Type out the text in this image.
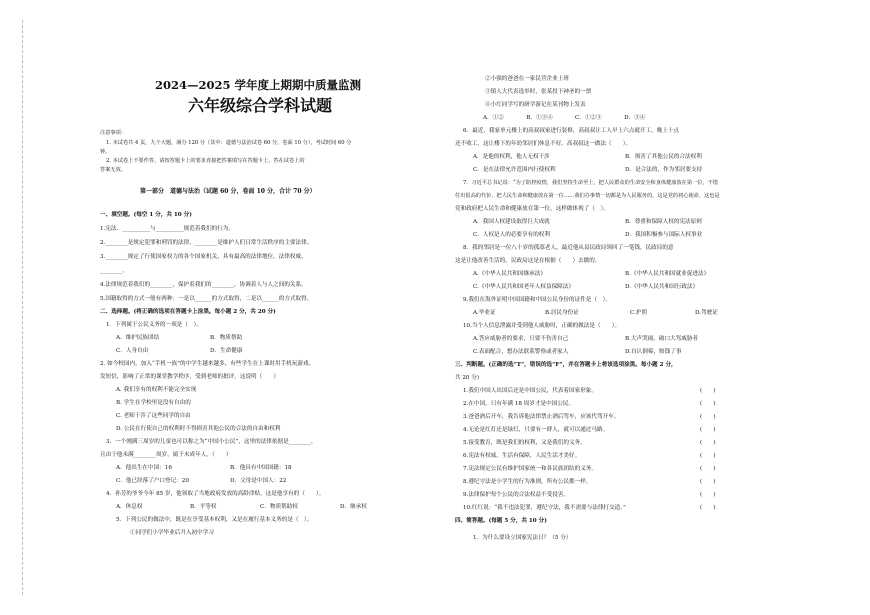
2024—2025 学年度上期期中质量监测
六年级综合学科试题
注意事项：
1. 本试卷共 4 页，九个大题，满分 120 分（其中：道德与法治试卷 60 分，卷面 10 分），考试时间 60 分
钟。
2. 本试卷上不要作答，请按答题卡上的要求直接把答案填写在答题卡上，答在试卷上的
答案无效。
第一部分　道德与法治（试题 60 分，卷面 10 分，合计 70 分）
一、填空题。(每空 1 分，共 10 分)
1.宪法、__________与__________规范着我们的行为。
2.________是规定犯罪和刑罚的法律，________是维护人们日常生活秩序的主要法律。
3.________规定了行使国家权力的各个国家机关，具有最高的法律地位，法律权威，
________。
4.法律规范着我们的________，保护着我们的________，协调着人与人之间的关系。
5.国籍取得的方式一般有两种：一是以______的方式取得，二是以______的方式取得。
二、选择题。(将正确的选项在答题卡上涂黑。每小题 2 分，共 20 分)
1．下列属于公民义务的一项是（　）。
A．维护民族团结	B．物质帮助
C．人身自由	D．生命健康
2. 如今校园内，加入“手机一族”的中学生越来越多，有些学生在上课时用手机玩游戏、
发短信，影响了正常的课堂教学秩序，受到老师的批评。这说明（　　）
A. 我们享有的权利不能完全实现
B. 学生在学校里是没有自由的
C. 老师干涉了这些同学的自由
D. 公民在行使自己的权利时不得损害其他公民的合法的自由和权利
3．一个刚满三周岁的儿童也可以称之为“中国小公民”，这里的法律依据是________，
且由于他未满________周岁，属于未成年人。（　　）
A．他出生在中国：16	B．他具有中国国籍：18
C．他已经落了户口登记：20	D．父母是中国人：22
4．孙芳的爷爷今年 85 岁，他领取了当地政府发放的高龄津贴，这是他享有的（　　）。
A．休息权	B．平等权	C．物质帮助权	D．继承权
5．下列公民的做法中，既是在享受基本权利，又是在履行基本义务的是（　）。
①同学们小学毕业后升入初中学习
②小强的爸爸在一家民营企业上班
③镇人大代表选举时，张某投下神圣的一票
④小红同学写的研学游记在某刊物上发表
A．①②　　　　B．①③④　　　　C．①②③　　　　D．③④
6．最近，我家单元楼上的高叔叔家进行装修，高叔叔让工人早上六点就开工，晚上十点
还不收工，这让楼下的年幼邻居们休息不好。高叔叔这一做法（　　）。
A．是他的权利，他人无权干涉	B．损害了其他公民的合法权利
C．是在法律允许范围内行使权利	D．是合法的，作为邻居要支持
7．习近平总书记说：“为了防控疫情，我们坚持生命至上，把人民群众的生命安全和身体健康放在第一位，不惜
付出很高的代价，把人民生命和健康放在第一位……我们办事情一切都是为人民服务的，这是党的初心使命，这也是
党和政府把人民生命和健康放在第一位。这样做体现了（　）。
A．我国人权建设取得巨大成就	B．尊重和保障人权的宪法原则
C．人权是人的必要享有的权利	D．我国积极参与国际人权事业
8．我的邻居是一位八十岁的孤寡老人，最近他从县民政局领回了一笔钱，民政局的意
这是让他改善生活的，民政局这是在根据（　　）去做的。
A.《中华人民共和国继承法》	B.《中华人民共和国就业促进法》
C.《中华人民共和国老年人权益保障法》	D.《中华人民共和国行政法》
9.我们在海外证明中国国籍和中国公民身份的证件是（　）。
A.毕业证	B.居民身份证	C.护照	D.驾驶证
10.当个人信息泄露并受到他人威胁时，正确的做法是（　　）。
A.答应威胁者的要求，只要不伤害自己	B.大声哭闹，破口大骂威胁者
C.表面配合，想办法联系警察或者家人	D.自认倒霉，赔钱了事
三、判断题。(正确的选“T”，错误的选“F”，并在答题卡上将该选项涂黑。每小题 2 分，
共 20 分)
1.我们中国人出国后还是中国公民，代表着国家形象。	(　　)
2.在中国，只有年满 18 周岁才是中国公民。	(　　)
3.爸爸酒后开车，我告诉他法律禁止酒后驾车，应该代驾开车。	(　　)
4.无论是红灯还是绿灯，只要有一群人，就可以通过马路。	(　　)
5.接受教育，既是我们的权利，又是我们的义务。	(　　)
6.宪法有权威，生活有保障，人民生活才美好。	(　　)
7.宪法规定公民有维护国家统一和各民族团结的义务。	(　　)
8.遵纪守法是小学生的行为准则，所有公民都一样。	(　　)
9.法律保护每个公民的合法权益不受侵害。	(　　)
10.红红说：“我不违法犯罪，遵纪守法，我不需要与法律打交道。”	(　　)
四、简答题。(每题 5 分，共 10 分)
1．为什么要设立国家宪法日？（5 分）
